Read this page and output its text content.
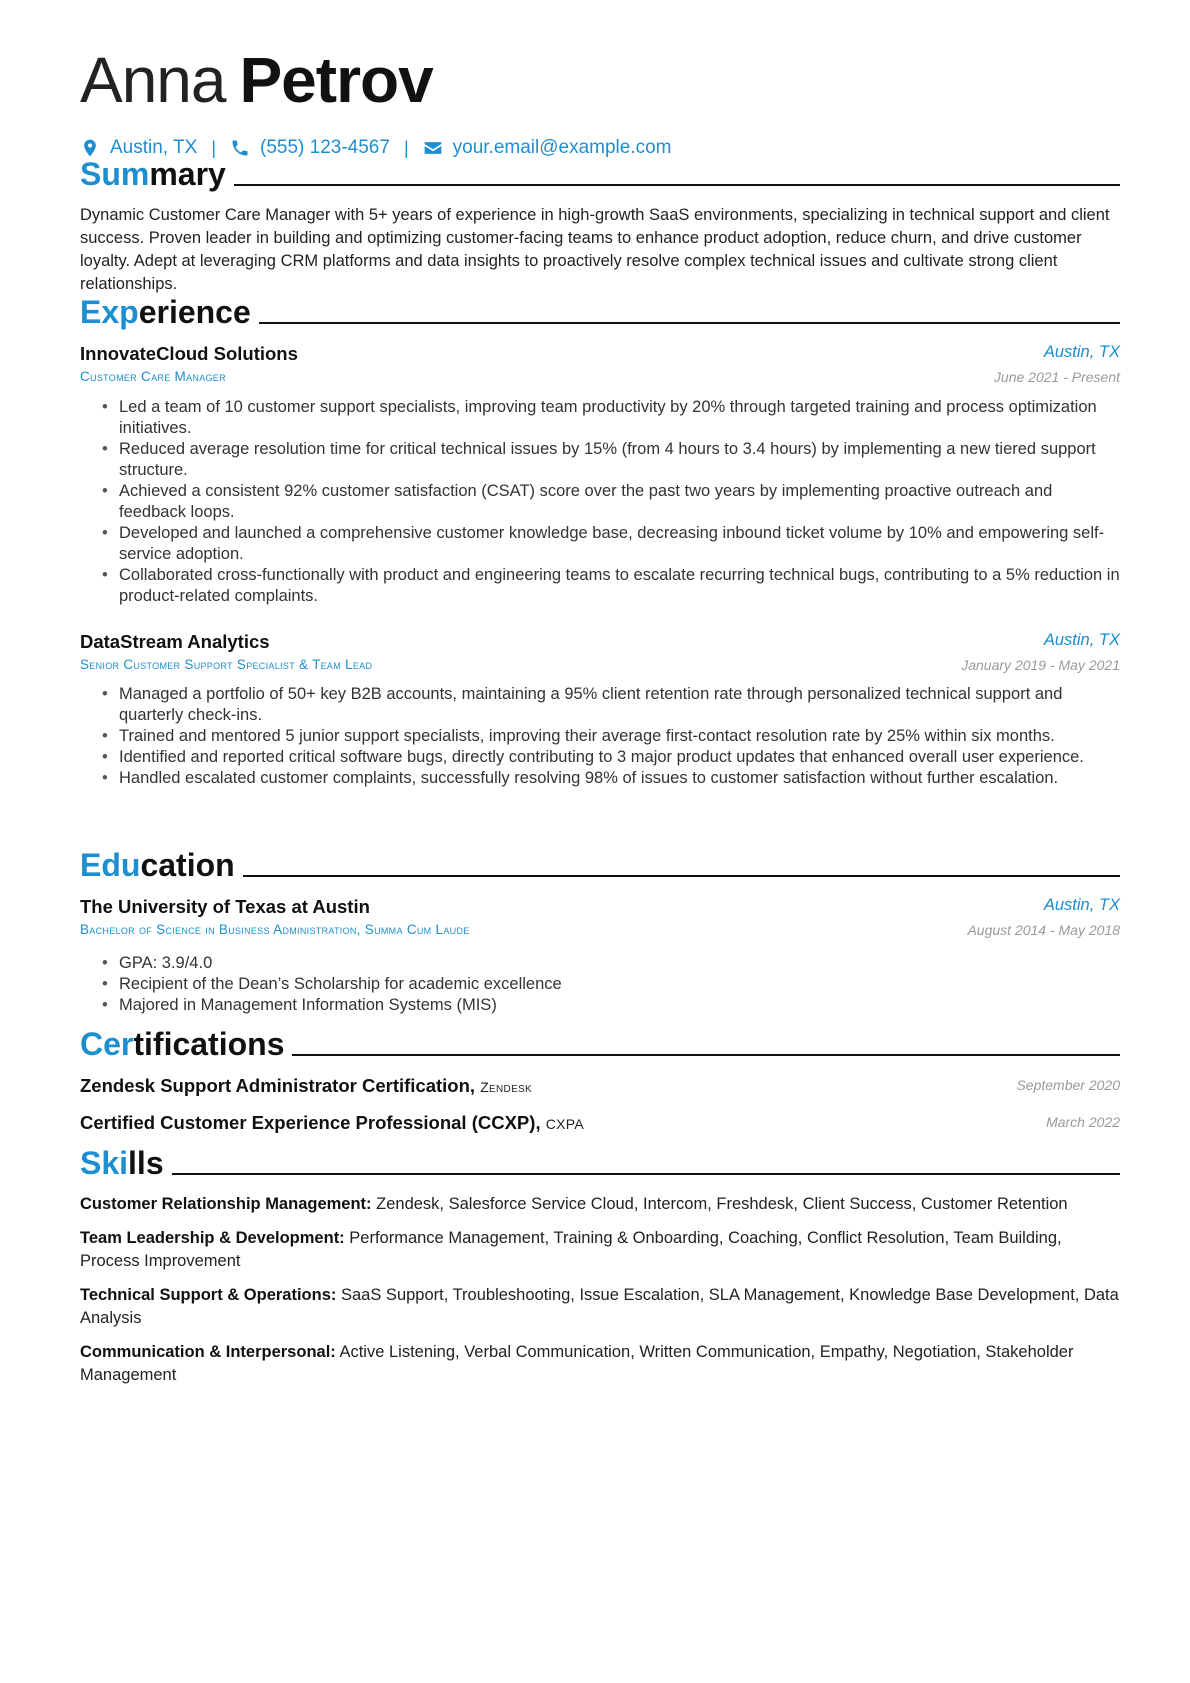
Anna Petrov
Austin, TX | (555) 123-4567 | your.email@example.com
Summary

Dynamic Customer Care Manager with 5+ years of experience in high-growth SaaS environments, specializing in technical support and client success. Proven leader in building and optimizing customer-facing teams to enhance product adoption, reduce churn, and drive customer loyalty. Adept at leveraging CRM platforms and data insights to proactively resolve complex technical issues and cultivate strong client relationships.

Experience
InnovateCloud Solutions	Austin, TX
Customer Care Manager	June 2021 - Present
• Led a team of 10 customer support specialists, improving team productivity by 20% through targeted training and process optimization initiatives.
• Reduced average resolution time for critical technical issues by 15% (from 4 hours to 3.4 hours) by implementing a new tiered support structure.
• Achieved a consistent 92% customer satisfaction (CSAT) score over the past two years by implementing proactive outreach and feedback loops.
• Developed and launched a comprehensive customer knowledge base, decreasing inbound ticket volume by 10% and empowering self-service adoption.
• Collaborated cross-functionally with product and engineering teams to escalate recurring technical bugs, contributing to a 5% reduction in product-related complaints.
DataStream Analytics	Austin, TX
Senior Customer Support Specialist & Team Lead	January 2019 - May 2021
• Managed a portfolio of 50+ key B2B accounts, maintaining a 95% client retention rate through personalized technical support and quarterly check-ins.
• Trained and mentored 5 junior support specialists, improving their average first-contact resolution rate by 25% within six months.
• Identified and reported critical software bugs, directly contributing to 3 major product updates that enhanced overall user experience.
• Handled escalated customer complaints, successfully resolving 98% of issues to customer satisfaction without further escalation.
Education
The University of Texas at Austin	Austin, TX
Bachelor of Science in Business Administration, Summa Cum Laude	August 2014 - May 2018
• GPA: 3.9/4.0
• Recipient of the Dean’s Scholarship for academic excellence
• Majored in Management Information Systems (MIS)
Certifications
Zendesk Support Administrator Certification, Zendesk	September 2020
Certified Customer Experience Professional (CCXP), CXPA	March 2022
Skills

Customer Relationship Management: Zendesk, Salesforce Service Cloud, Intercom, Freshdesk, Client Success, Customer Retention

Team Leadership & Development: Performance Management, Training & Onboarding, Coaching, Conflict Resolution, Team Building, Process Improvement

Technical Support & Operations: SaaS Support, Troubleshooting, Issue Escalation, SLA Management, Knowledge Base Development, Data Analysis

Communication & Interpersonal: Active Listening, Verbal Communication, Written Communication, Empathy, Negotiation, Stakeholder Management
